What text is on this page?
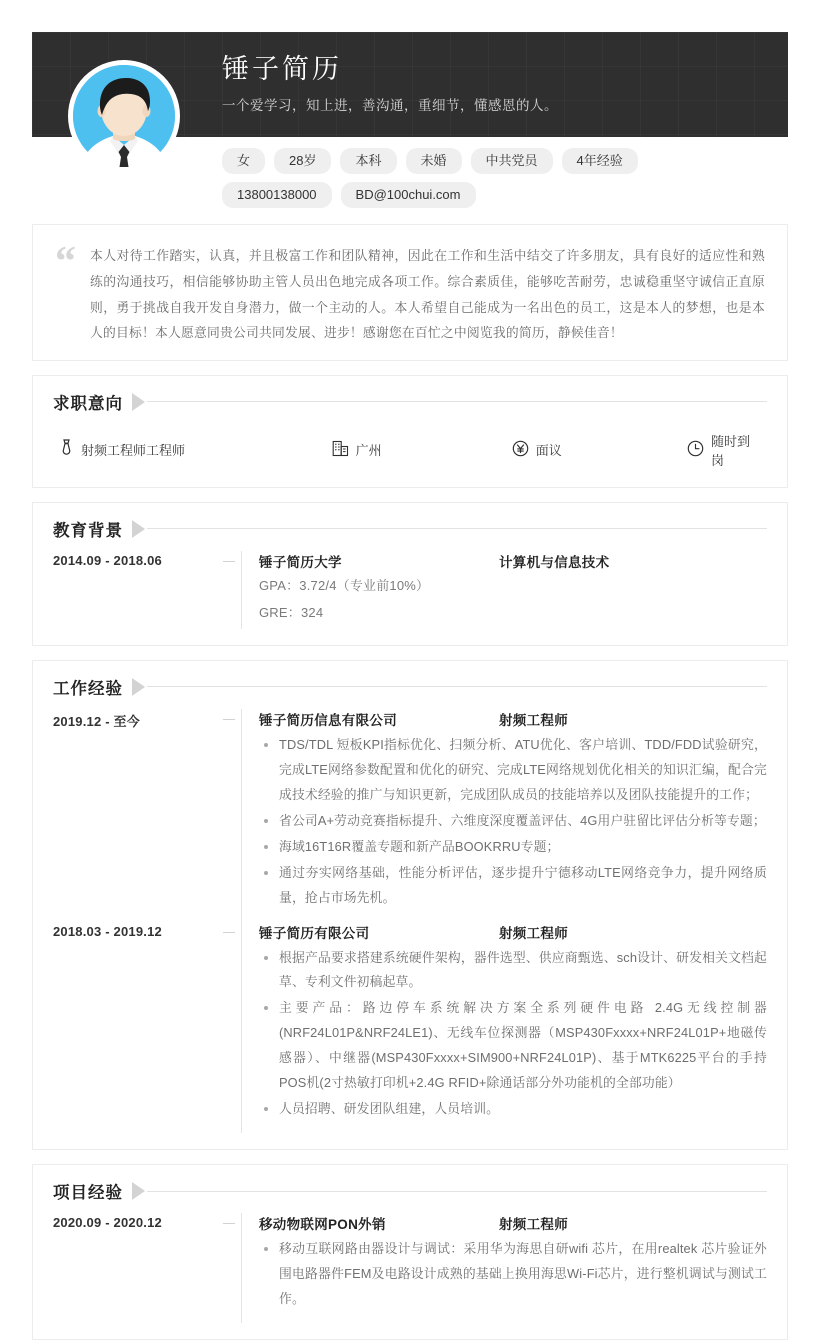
锤子简历
一个爱学习，知上进，善沟通，重细节，懂感恩的人。
女	28岁	本科	未婚	中共党员	4年经验
13800138000	BD@100chui.com
“ 本人对待工作踏实，认真，并且极富工作和团队精神，因此在工作和生活中结交了许多朋友，具有良好的适应性和熟练的沟通技巧，相信能够协助主管人员出色地完成各项工作。综合素质佳，能够吃苦耐劳，忠诚稳重坚守诚信正直原则，勇于挑战自我开发自身潜力，做一个主动的人。本人希望自己能成为一名出色的员工，这是本人的梦想，也是本人的目标！本人愿意同贵公司共同发展、进步！感谢您在百忙之中阅览我的简历，静候佳音！
求职意向
射频工程师工程师	广州	面议
随时到岗
教育背景
2014.09 - 2018.06	锤子简历大学	计算机与信息技术
GPA：3.72/4（专业前10%）
GRE：324
工作经验
2019.12 - 至今	锤子简历信息有限公司	射频工程师
TDS/TDL 短板KPI指标优化、扫频分析、ATU优化、客户培训、TDD/FDD试验研究，完成LTE网络参数配置和优化的研究、完成LTE网络规划优化相关的知识汇编，配合完成技术经验的推广与知识更新，完成团队成员的技能培养以及团队技能提升的工作；
省公司A+劳动竞赛指标提升、六维度深度覆盖评估、4G用户驻留比评估分析等专题；
海域16T16R覆盖专题和新产品BOOKRRU专题；
通过夯实网络基础，性能分析评估，逐步提升宁德移动LTE网络竞争力，提升网络质量，抢占市场先机。
2018.03 - 2019.12	锤子简历有限公司	射频工程师
根据产品要求搭建系统硬件架构，器件选型、供应商甄选、sch设计、研发相关文档起草、专利文件初稿起草。
主要产品：路边停车系统解决方案全系列硬件电路 2.4G无线控制器(NRF24L01P&NRF24LE1)、无线车位探测器（MSP430Fxxxx+NRF24L01P+地磁传感器）、中继器(MSP430Fxxxx+SIM900+NRF24L01P)、基于MTK6225平台的手持POS机(2寸热敏打印机+2.4G RFID+除通话部分外功能机的全部功能）
人员招聘、研发团队组建，人员培训。
项目经验
2020.09 - 2020.12	移动物联网PON外销	射频工程师
移动互联网路由器设计与调试：采用华为海思自研wifi 芯片，在用realtek 芯片验证外围电路器件FEM及电路设计成熟的基础上换用海思Wi-Fi芯片，进行整机调试与测试工作。
